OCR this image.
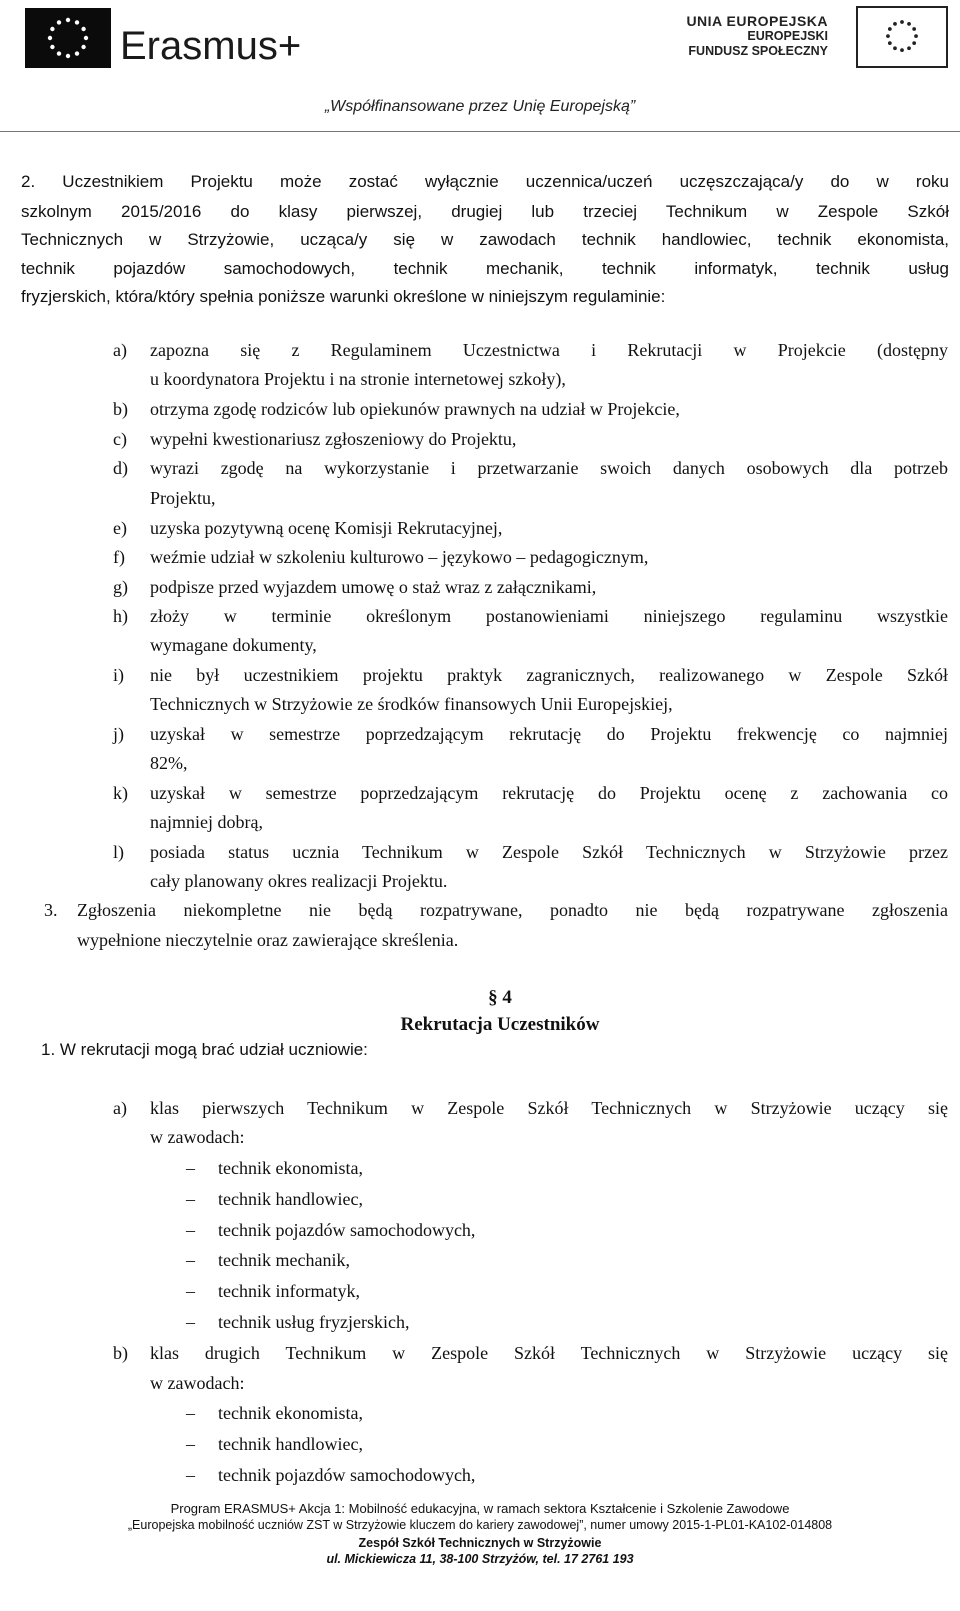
Erasmus+
UNIA EUROPEJSKA
EUROPEJSKI
FUNDUSZ SPOŁECZNY
„Współfinansowane przez Unię Europejską”
2. Uczestnikiem Projektu może zostać wyłącznie uczennica/uczeń uczęszczająca/y do w roku
szkolnym 2015/2016 do klasy pierwszej, drugiej lub trzeciej Technikum w Zespole Szkół
Technicznych w Strzyżowie, ucząca/y się w zawodach technik handlowiec, technik ekonomista,
technik pojazdów samochodowych, technik mechanik, technik informatyk, technik usług
fryzjerskich, która/który spełnia poniższe warunki określone w niniejszym regulaminie:
a) zapozna się z Regulaminem Uczestnictwa i Rekrutacji w Projekcie (dostępny
u koordynatora Projektu i na stronie internetowej szkoły),
b) otrzyma zgodę rodziców lub opiekunów prawnych na udział w Projekcie,
c) wypełni kwestionariusz zgłoszeniowy do Projektu,
d) wyrazi zgodę na wykorzystanie i przetwarzanie swoich danych osobowych dla potrzeb
Projektu,
e) uzyska pozytywną ocenę Komisji Rekrutacyjnej,
f) weźmie udział w szkoleniu kulturowo – językowo – pedagogicznym,
g) podpisze przed wyjazdem umowę o staż wraz z załącznikami,
h) złoży w terminie określonym postanowieniami niniejszego regulaminu wszystkie
wymagane dokumenty,
i) nie był uczestnikiem projektu praktyk zagranicznych, realizowanego w Zespole Szkół
Technicznych w Strzyżowie ze środków finansowych Unii Europejskiej,
j) uzyskał w semestrze poprzedzającym rekrutację do Projektu frekwencję co najmniej
82%,
k) uzyskał w semestrze poprzedzającym rekrutację do Projektu ocenę z zachowania co
najmniej dobrą,
l) posiada status ucznia Technikum w Zespole Szkół Technicznych w Strzyżowie przez
cały planowany okres realizacji Projektu.
3. Zgłoszenia niekompletne nie będą rozpatrywane, ponadto nie będą rozpatrywane zgłoszenia
wypełnione nieczytelnie oraz zawierające skreślenia.
§ 4
Rekrutacja Uczestników
1. W rekrutacji mogą brać udział uczniowie:
a) klas pierwszych Technikum w Zespole Szkół Technicznych w Strzyżowie uczący się
w zawodach:
– technik ekonomista,
– technik handlowiec,
– technik pojazdów samochodowych,
– technik mechanik,
– technik informatyk,
– technik usług fryzjerskich,
b) klas drugich Technikum w Zespole Szkół Technicznych w Strzyżowie uczący się
w zawodach:
– technik ekonomista,
– technik handlowiec,
– technik pojazdów samochodowych,
Program ERASMUS+ Akcja 1: Mobilność edukacyjna, w ramach sektora Kształcenie i Szkolenie Zawodowe
„Europejska mobilność uczniów ZST w Strzyżowie kluczem do kariery zawodowej”, numer umowy 2015-1-PL01-KA102-014808
Zespół Szkół Technicznych w Strzyżowie
ul. Mickiewicza 11, 38-100 Strzyżów, tel. 17 2761 193
